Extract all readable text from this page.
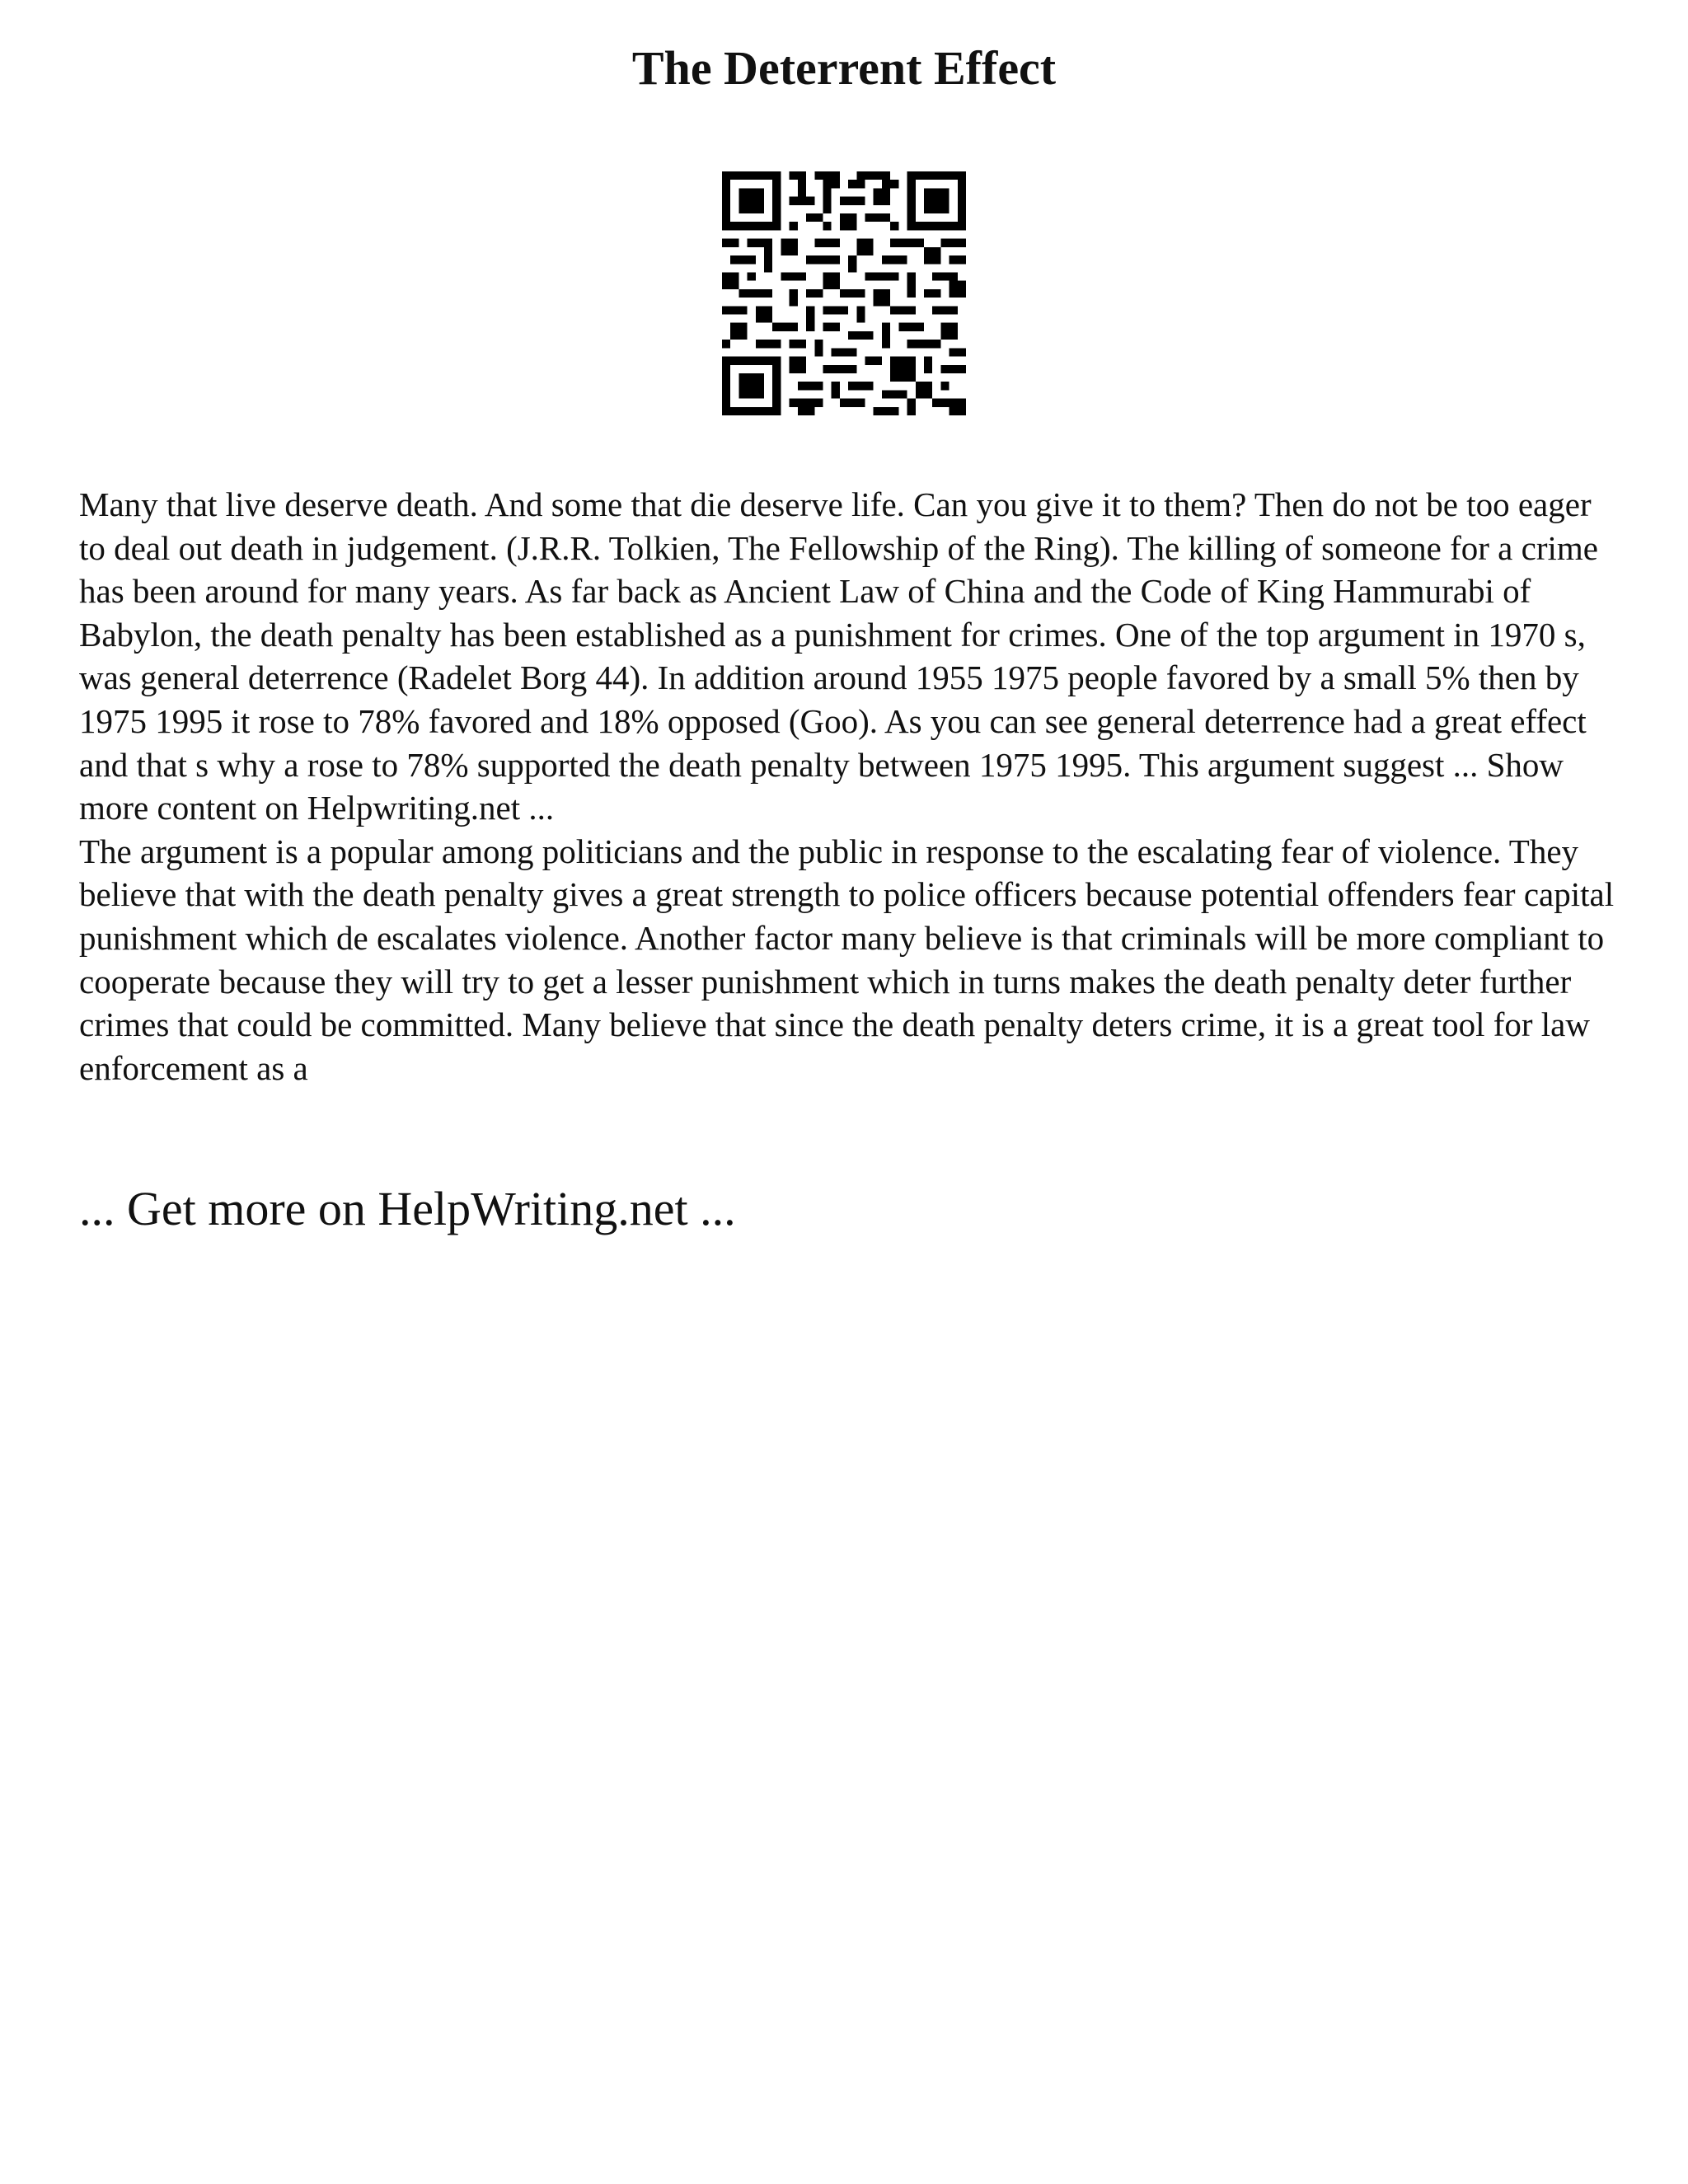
The Deterrent Effect

Many that live deserve death. And some that die deserve life. Can you give it to them? Then do not be too eager to deal out death in judgement. (J.R.R. Tolkien, The Fellowship of the Ring). The killing of someone for a crime has been around for many years. As far back as Ancient Law of China and the Code of King Hammurabi of Babylon, the death penalty has been established as a punishment for crimes. One of the top argument in 1970 s, was general deterrence (Radelet Borg 44). In addition around 1955 1975 people favored by a small 5% then by 1975 1995 it rose to 78% favored and 18% opposed (Goo). As you can see general deterrence had a great effect and that s why a rose to 78% supported the death penalty between 1975 1995. This argument suggest ... Show more content on Helpwriting.net ...

The argument is a popular among politicians and the public in response to the escalating fear of violence. They believe that with the death penalty gives a great strength to police officers because potential offenders fear capital punishment which de escalates violence. Another factor many believe is that criminals will be more compliant to cooperate because they will try to get a lesser punishment which in turns makes the death penalty deter further crimes that could be committed. Many believe that since the death penalty deters crime, it is a great tool for law enforcement as a

... Get more on HelpWriting.net ...
